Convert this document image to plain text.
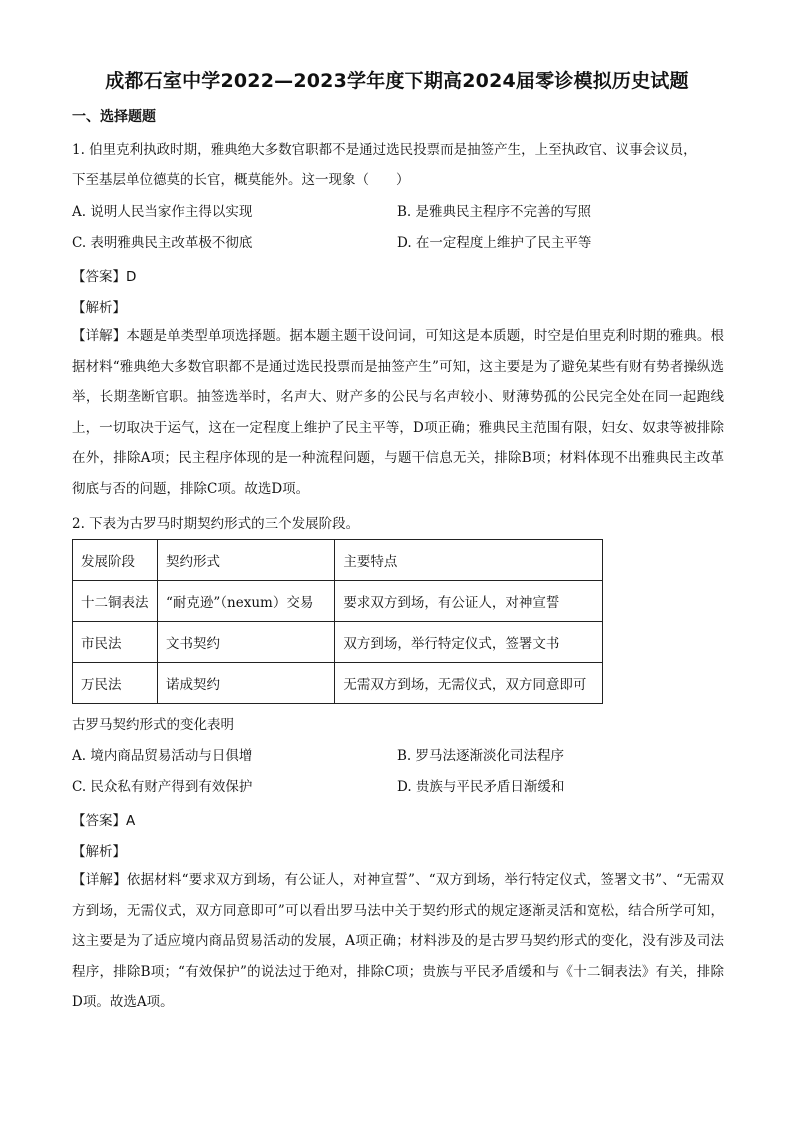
成都石室中学2022—2023学年度下期高2024届零诊模拟历史试题
一、选择题题
1. 伯里克利执政时期，雅典绝大多数官职都不是通过选民投票而是抽签产生，上至执政官、议事会议员，
下至基层单位德莫的长官，概莫能外。这一现象（　　）
A. 说明人民当家作主得以实现	B. 是雅典民主程序不完善的写照
C. 表明雅典民主改革极不彻底	D. 在一定程度上维护了民主平等
【答案】D
【解析】
【详解】本题是单类型单项选择题。据本题主题干设问词，可知这是本质题，时空是伯里克利时期的雅典。根据材料“雅典绝大多数官职都不是通过选民投票而是抽签产生”可知，这主要是为了避免某些有财有势者操纵选举，长期垄断官职。抽签选举时，名声大、财产多的公民与名声较小、财薄势孤的公民完全处在同一起跑线上，一切取决于运气，这在一定程度上维护了民主平等，D项正确；雅典民主范围有限，妇女、奴隶等被排除在外，排除A项；民主程序体现的是一种流程问题，与题干信息无关，排除B项；材料体现不出雅典民主改革彻底与否的问题，排除C项。故选D项。
2. 下表为古罗马时期契约形式的三个发展阶段。
发展阶段	契约形式	主要特点
十二铜表法	“耐克逊”（nexum）交易	要求双方到场，有公证人，对神宣誓
市民法	文书契约	双方到场，举行特定仪式，签署文书
万民法	诺成契约	无需双方到场，无需仪式，双方同意即可
古罗马契约形式的变化表明
A. 境内商品贸易活动与日俱增	B. 罗马法逐渐淡化司法程序
C. 民众私有财产得到有效保护	D. 贵族与平民矛盾日渐缓和
【答案】A
【解析】
【详解】依据材料“要求双方到场，有公证人，对神宣誓”、“双方到场，举行特定仪式，签署文书”、“无需双方到场，无需仪式，双方同意即可”可以看出罗马法中关于契约形式的规定逐渐灵活和宽松，结合所学可知，这主要是为了适应境内商品贸易活动的发展，A项正确；材料涉及的是古罗马契约形式的变化，没有涉及司法程序，排除B项；“有效保护”的说法过于绝对，排除C项；贵族与平民矛盾缓和与《十二铜表法》有关，排除D项。故选A项。
